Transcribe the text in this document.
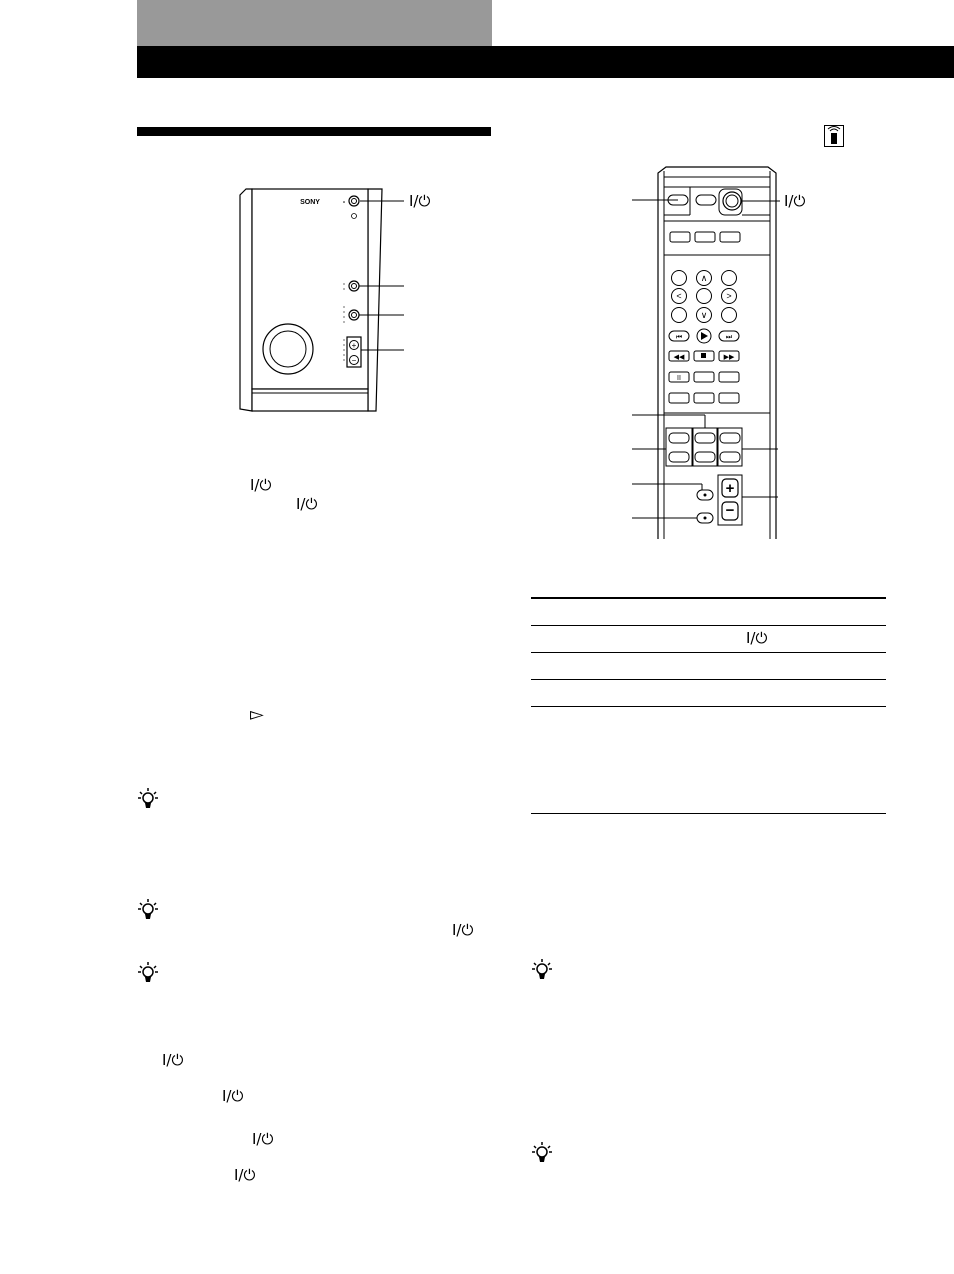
SONY
+
−
I/⏻
∧
<	>
∨
⏮	⏭
◀◀	▶▶
II
+
−
I/⏻
I/⏻
I/⏻
▻
I/⏻
I/⏻
I/⏻
I/⏻
I/⏻
I/⏻
